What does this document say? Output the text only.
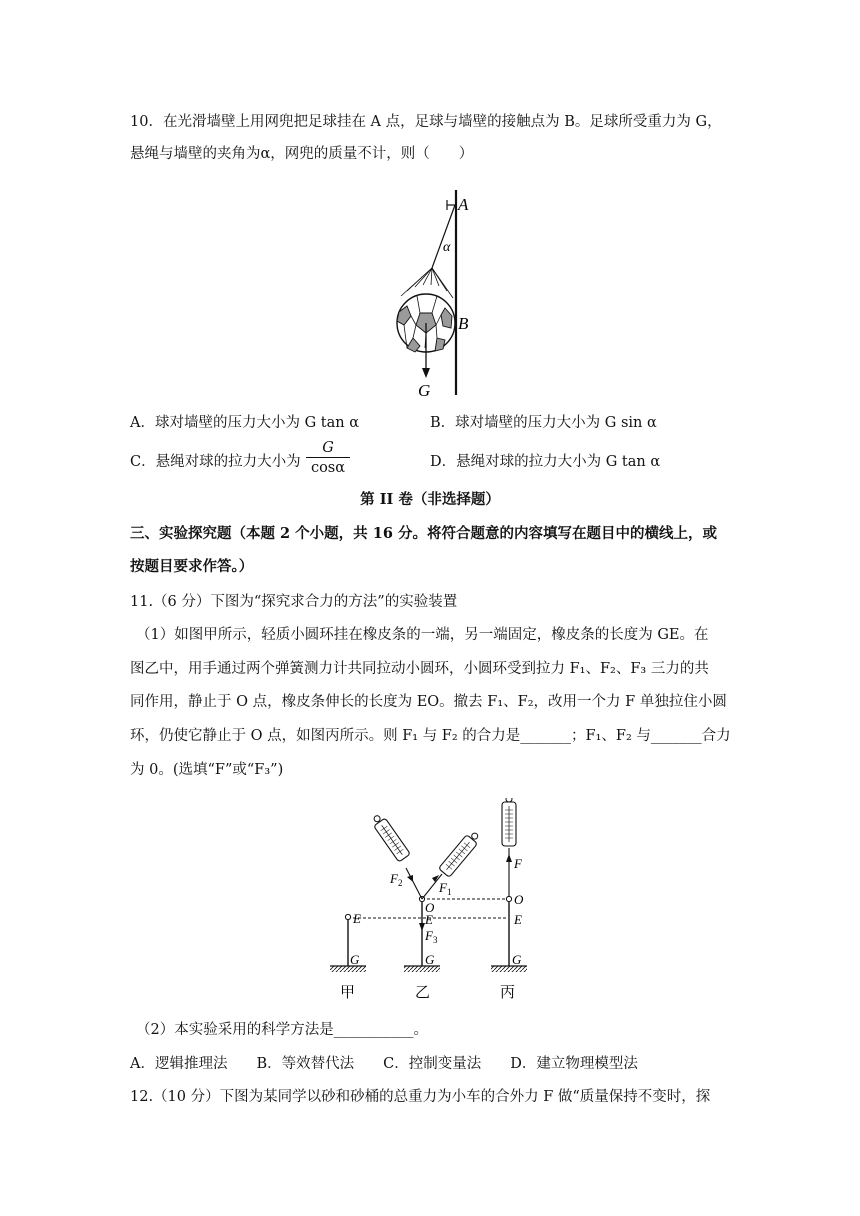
10．在光滑墙壁上用网兜把足球挂在 A 点，足球与墙壁的接触点为 B。足球所受重力为 G，
悬绳与墙壁的夹角为α，网兜的质量不计，则（　　）
A
α
B
G
A．球对墙壁的压力大小为 G tan α	B．球对墙壁的压力大小为 G sin α
C．悬绳对球的拉力大小为 $\frac{G}{\cos\alpha}$	D．悬绳对球的拉力大小为 G tan α
第 II 卷（非选择题）
三、实验探究题（本题 2 个小题，共 16 分。将符合题意的内容填写在题目中的横线上，或
按题目要求作答。）
11.（6 分）下图为“探究求合力的方法”的实验装置
（1）如图甲所示，轻质小圆环挂在橡皮条的一端，另一端固定，橡皮条的长度为 GE。在
图乙中，用手通过两个弹簧测力计共同拉动小圆环，小圆环受到拉力 F₁、F₂、F₃ 三力的共
同作用，静止于 O 点，橡皮条伸长的长度为 EO。撤去 F₁、F₂，改用一个力 F 单独拉住小圆
环，仍使它静止于 O 点，如图丙所示。则 F₁ 与 F₂ 的合力是_______；F₁、F₂ 与_______合力
为 0。(选填“F”或“F₃”)
E
G
甲
O
E
$F_3$
G
乙
$F_2$	$F_1$
F
O
E
G
丙
（2）本实验采用的科学方法是___________。
A．逻辑推理法　　B．等效替代法　　C．控制变量法　　D．建立物理模型法
12.（10 分）下图为某同学以砂和砂桶的总重力为小车的合外力 F 做“质量保持不变时，探
